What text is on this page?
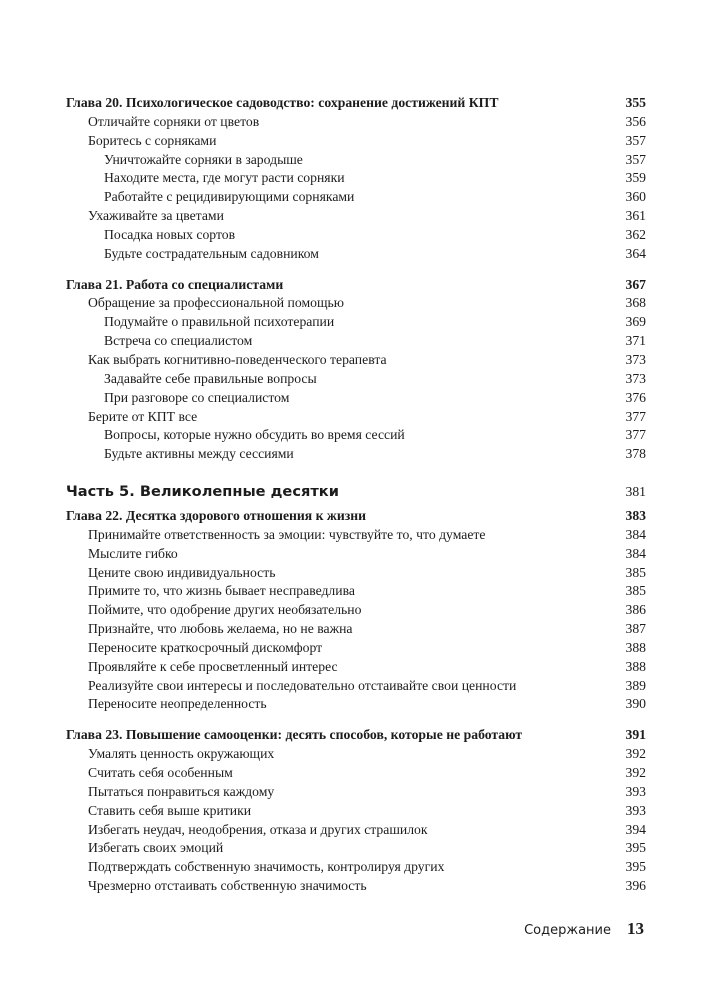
Глава 20. Психологическое садоводство: сохранение достижений КПТ	355
Отличайте сорняки от цветов	356
Боритесь с сорняками	357
Уничтожайте сорняки в зародыше	357
Находите места, где могут расти сорняки	359
Работайте с рецидивирующими сорняками	360
Ухаживайте за цветами	361
Посадка новых сортов	362
Будьте сострадательным садовником	364
Глава 21. Работа со специалистами	367
Обращение за профессиональной помощью	368
Подумайте о правильной психотерапии	369
Встреча со специалистом	371
Как выбрать когнитивно-поведенческого терапевта	373
Задавайте себе правильные вопросы	373
При разговоре со специалистом	376
Берите от КПТ все	377
Вопросы, которые нужно обсудить во время сессий	377
Будьте активны между сессиями	378
Часть 5. Великолепные десятки	381
Глава 22. Десятка здорового отношения к жизни	383
Принимайте ответственность за эмоции: чувствуйте то, что думаете	384
Мыслите гибко	384
Цените свою индивидуальность	385
Примите то, что жизнь бывает несправедлива	385
Поймите, что одобрение других необязательно	386
Признайте, что любовь желаема, но не важна	387
Переносите краткосрочный дискомфорт	388
Проявляйте к себе просветленный интерес	388
Реализуйте свои интересы и последовательно отстаивайте свои ценности	389
Переносите неопределенность	390
Глава 23. Повышение самооценки: десять способов, которые не работают	391
Умалять ценность окружающих	392
Считать себя особенным	392
Пытаться понравиться каждому	393
Ставить себя выше критики	393
Избегать неудач, неодобрения, отказа и других страшилок	394
Избегать своих эмоций	395
Подтверждать собственную значимость, контролируя других	395
Чрезмерно отстаивать собственную значимость	396
Содержание 13
